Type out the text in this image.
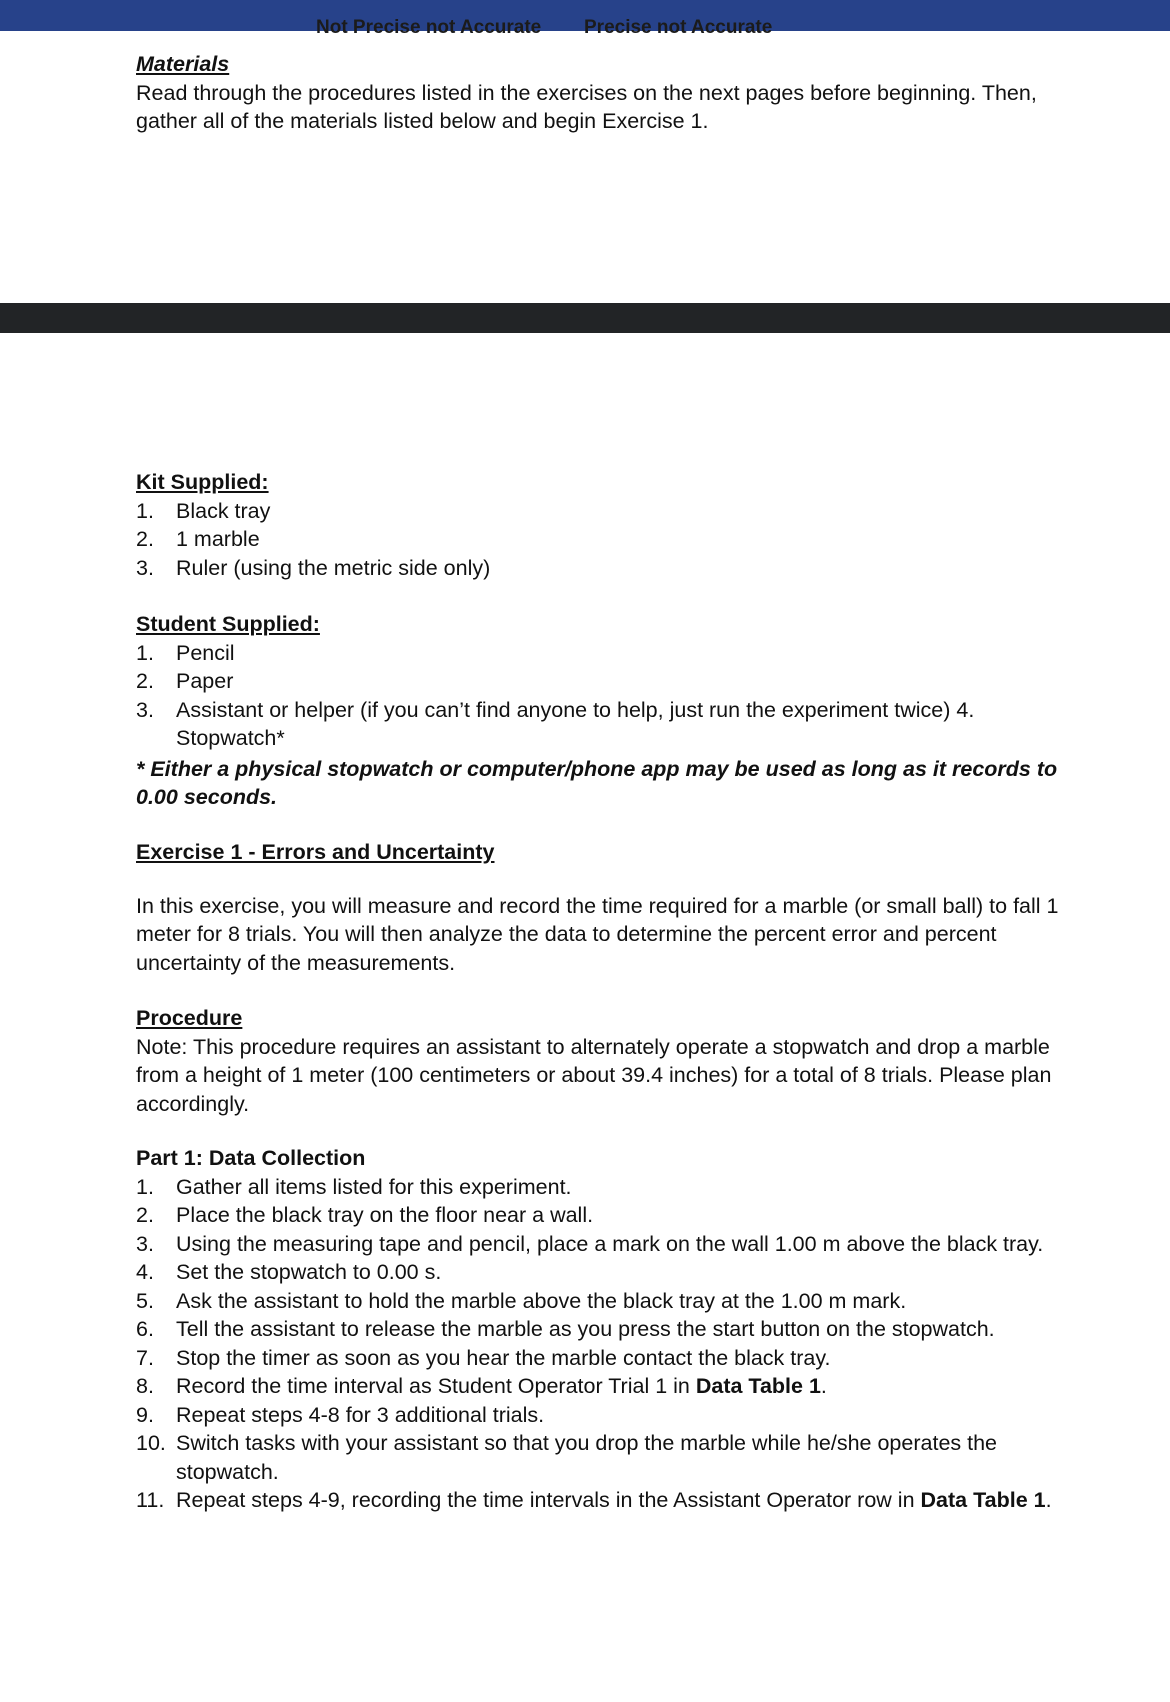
Not Precise not Accurate Precise not Accurate
Materials
Read through the procedures listed in the exercises on the next pages before beginning. Then, gather all of the materials listed below and begin Exercise 1.
Kit Supplied:
1. Black tray
2. 1 marble
3. Ruler (using the metric side only)
Student Supplied:
1. Pencil
2. Paper
3. Assistant or helper (if you can’t find anyone to help, just run the experiment twice) 4. Stopwatch*
* Either a physical stopwatch or computer/phone app may be used as long as it records to 0.00 seconds.
Exercise 1 - Errors and Uncertainty
In this exercise, you will measure and record the time required for a marble (or small ball) to fall 1 meter for 8 trials. You will then analyze the data to determine the percent error and percent uncertainty of the measurements.
Procedure
Note: This procedure requires an assistant to alternately operate a stopwatch and drop a marble from a height of 1 meter (100 centimeters or about 39.4 inches) for a total of 8 trials. Please plan accordingly.
Part 1: Data Collection
1. Gather all items listed for this experiment.
2. Place the black tray on the floor near a wall.
3. Using the measuring tape and pencil, place a mark on the wall 1.00 m above the black tray.
4. Set the stopwatch to 0.00 s.
5. Ask the assistant to hold the marble above the black tray at the 1.00 m mark.
6. Tell the assistant to release the marble as you press the start button on the stopwatch.
7. Stop the timer as soon as you hear the marble contact the black tray.
8. Record the time interval as Student Operator Trial 1 in Data Table 1.
9. Repeat steps 4-8 for 3 additional trials.
10. Switch tasks with your assistant so that you drop the marble while he/she operates the stopwatch.
11. Repeat steps 4-9, recording the time intervals in the Assistant Operator row in Data Table 1.
